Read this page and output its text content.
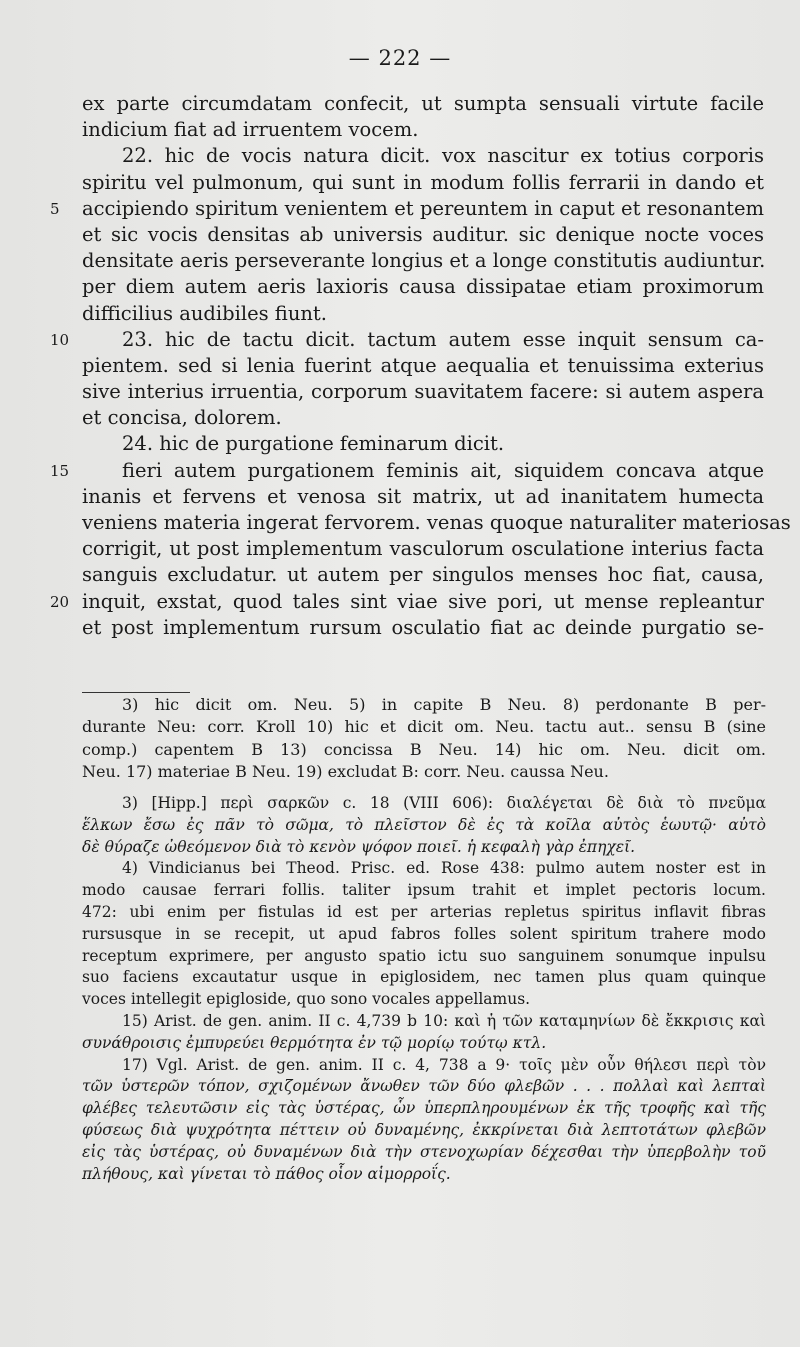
— 222 —
ex parte circumdatam confecit, ut sumpta sensuali virtute facile
indicium fiat ad irruentem vocem.
22. hic de vocis natura dicit. vox nascitur ex totius corporis
spiritu vel pulmonum, qui sunt in modum follis ferrarii in dando et
5	accipiendo spiritum venientem et pereuntem in caput et resonantem
et sic vocis densitas ab universis auditur. sic denique nocte voces
densitate aeris perseverante longius et a longe constitutis audiuntur.
per diem autem aeris laxioris causa dissipatae etiam proximorum
difficilius audibiles fiunt.
10	23. hic de tactu dicit. tactum autem esse inquit sensum ca-
pientem. sed si lenia fuerint atque aequalia et tenuissima exterius
sive interius irruentia, corporum suavitatem facere: si autem aspera
et concisa, dolorem.
24. hic de purgatione feminarum dicit.
15	fieri autem purgationem feminis ait, siquidem concava atque
inanis et fervens et venosa sit matrix, ut ad inanitatem humecta
veniens materia ingerat fervorem. venas quoque naturaliter materiosas
corrigit, ut post implementum vasculorum osculatione interius facta
sanguis excludatur. ut autem per singulos menses hoc fiat, causa,
20 inquit, exstat, quod tales sint viae sive pori, ut mense repleantur
et post implementum rursum osculatio fiat ac deinde purgatio se-
3) hic dicit om. Neu. 5) in capite B Neu. 8) perdonante B per-
durante Neu: corr. Kroll 10) hic et dicit om. Neu. tactu aut.. sensu B (sine
comp.) capentem B 13) concissa B Neu. 14) hic om. Neu. dicit om.
Neu. 17) materiae B Neu. 19) excludat B: corr. Neu. caussa Neu.
3) [Hipp.] περὶ σαρκῶν c. 18 (VIII 606): διαλέγεται δὲ διὰ τὸ πνεῦμα
ἕλκων ἔσω ἐς πᾶν τὸ σῶμα, τὸ πλεῖστον δὲ ἐς τὰ κοῖλα αὐτὸς ἑωυτῷ· αὐτὸ
δὲ θύραζε ὠθεόμενον διὰ τὸ κενὸν ψόφον ποιεῖ. ἡ κεφαλὴ γὰρ ἐπηχεῖ.
4) Vindicianus bei Theod. Prisc. ed. Rose 438: pulmo autem noster est in
modo causae ferrari follis. taliter ipsum trahit et implet pectoris locum.
472: ubi enim per fistulas id est per arterias repletus spiritus inflavit fibras
rursusque in se recepit, ut apud fabros folles solent spiritum trahere modo
receptum exprimere, per angusto spatio ictu suo sanguinem sonumque inpulsu
suo faciens excautatur usque in epiglosidem, nec tamen plus quam quinque
voces intellegit epigloside, quo sono vocales appellamus.
15) Arist. de gen. anim. II c. 4,739 b 10: καὶ ἡ τῶν καταμηνίων δὲ ἔκκρισις καὶ
συνάθροισις ἐμπυρεύει θερμότητα ἐν τῷ μορίῳ τούτῳ κτλ.
17) Vgl. Arist. de gen. anim. II c. 4, 738 a 9· τοῖς μὲν οὖν θήλεσι περὶ τὸν
τῶν ὑστερῶν τόπον, σχιζομένων ἄνωθεν τῶν δύο φλεβῶν . . . πολλαὶ καὶ λεπταὶ
φλέβες τελευτῶσιν εἰς τὰς ὑστέρας, ὧν ὑπερπληρουμένων ἐκ τῆς τροφῆς καὶ τῆς
φύσεως διὰ ψυχρότητα πέττειν οὐ δυναμένης, ἐκκρίνεται διὰ λεπτοτάτων φλεβῶν
εἰς τὰς ὑστέρας, οὐ δυναμένων διὰ τὴν στενοχωρίαν δέχεσθαι τὴν ὑπερβολὴν τοῦ
πλήθους, καὶ γίνεται τὸ πάθος οἷον αἱμορροΐς.
